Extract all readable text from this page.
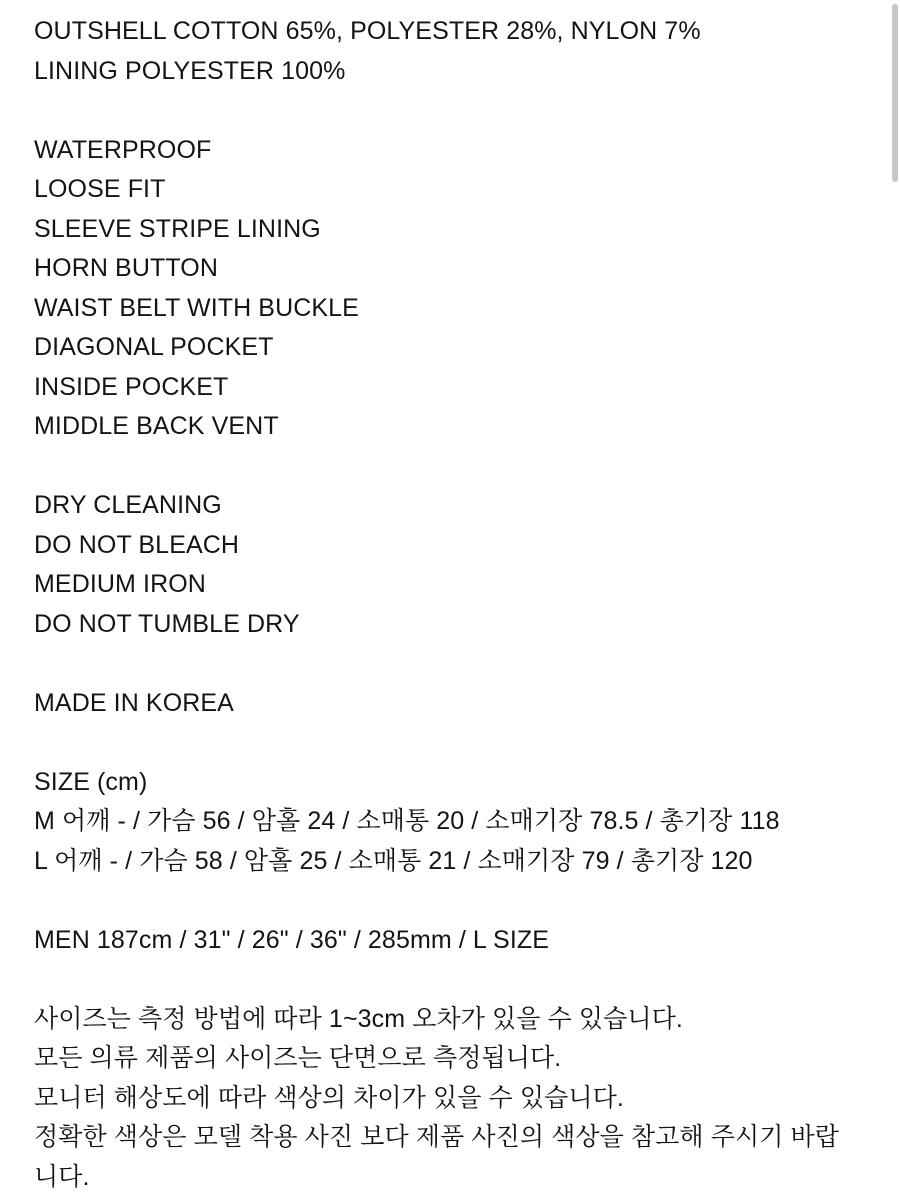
OUTSHELL COTTON 65%, POLYESTER 28%, NYLON 7%
LINING POLYESTER 100%
WATERPROOF
LOOSE FIT
SLEEVE STRIPE LINING
HORN BUTTON
WAIST BELT WITH BUCKLE
DIAGONAL POCKET
INSIDE POCKET
MIDDLE BACK VENT
DRY CLEANING
DO NOT BLEACH
MEDIUM IRON
DO NOT TUMBLE DRY
MADE IN KOREA
SIZE (cm)
M 어깨 - / 가슴 56 / 암홀 24 / 소매통 20 / 소매기장 78.5 / 총기장 118
L 어깨 - / 가슴 58 / 암홀 25 / 소매통 21 / 소매기장 79 / 총기장 120
MEN 187cm / 31" / 26" / 36" / 285mm / L SIZE
사이즈는 측정 방법에 따라 1~3cm 오차가 있을 수 있습니다.
모든 의류 제품의 사이즈는 단면으로 측정됩니다.
모니터 해상도에 따라 색상의 차이가 있을 수 있습니다.
정확한 색상은 모델 착용 사진 보다 제품 사진의 색상을 참고해 주시기 바랍
니다.
